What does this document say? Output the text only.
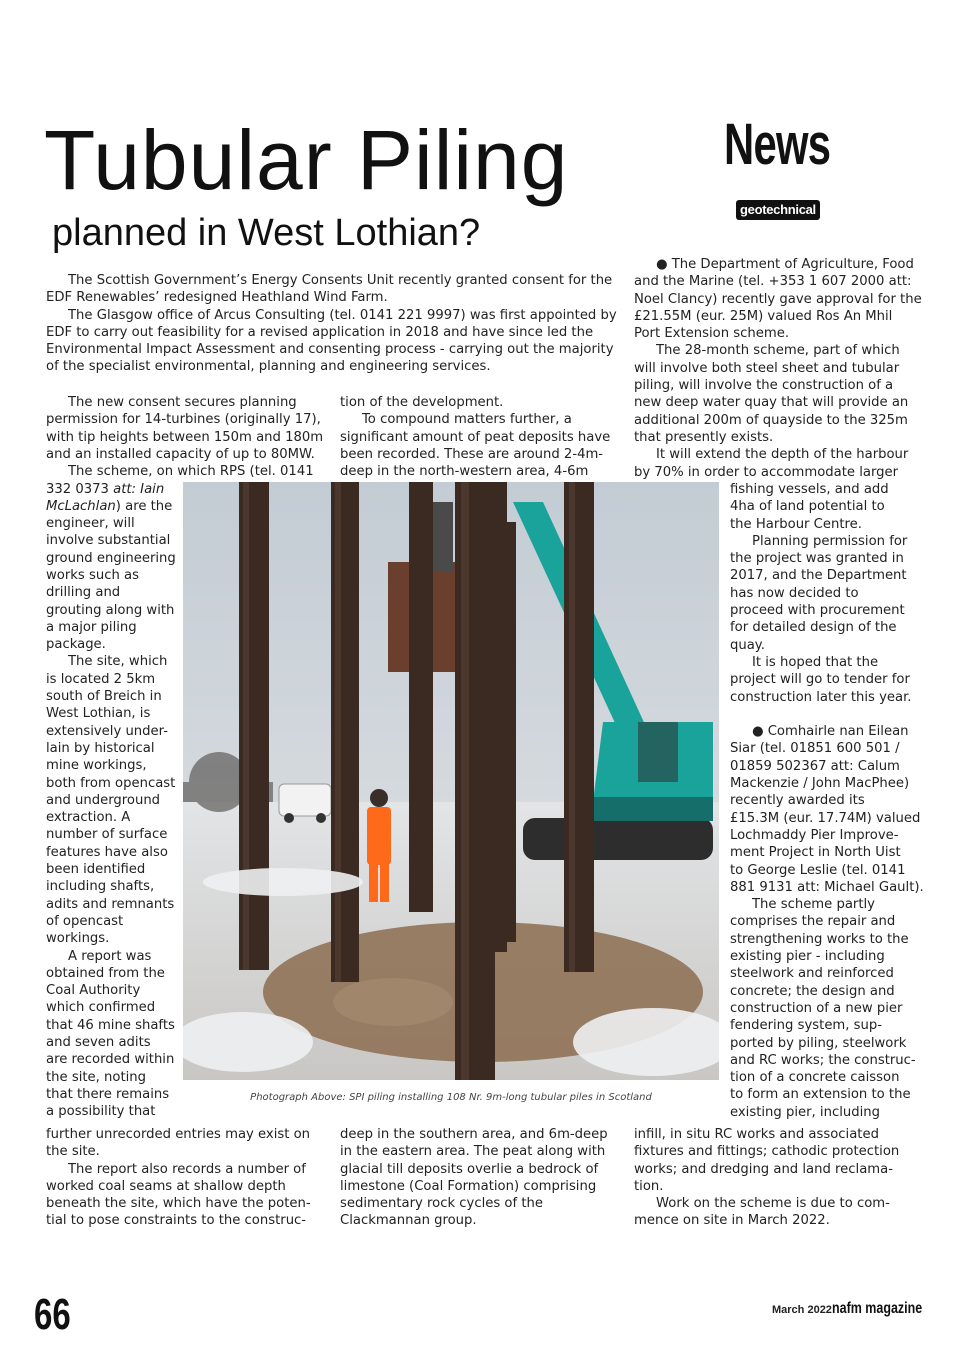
Tubular Piling
planned in West Lothian?
News
geotechnical
The Scottish Government’s Energy Consents Unit recently granted consent for the
EDF Renewables’ redesigned Heathland Wind Farm.
The Glasgow office of Arcus Consulting (tel. 0141 221 9997) was first appointed by
EDF to carry out feasibility for a revised application in 2018 and have since led the
Environmental Impact Assessment and consenting process - carrying out the majority
of the specialist environmental, planning and engineering services.
The new consent secures planning
permission for 14-turbines (originally 17),
with tip heights between 150m and 180m
and an installed capacity of up to 80MW.
The scheme, on which RPS (tel. 0141
332 0373 att: Iain
McLachlan) are the
engineer, will
involve substantial
ground engineering
works such as
drilling and
grouting along with
a major piling
package.
The site, which
is located 2 5km
south of Breich in
West Lothian, is
extensively under-
lain by historical
mine workings,
both from opencast
and underground
extraction. A
number of surface
features have also
been identified
including shafts,
adits and remnants
of opencast
workings.
A report was
obtained from the
Coal Authority
which confirmed
that 46 mine shafts
and seven adits
are recorded within
the site, noting
that there remains
a possibility that
further unrecorded entries may exist on
the site.
The report also records a number of
worked coal seams at shallow depth
beneath the site, which have the poten-
tial to pose constraints to the construc-
tion of the development.
To compound matters further, a
significant amount of peat deposits have
been recorded. These are around 2-4m-
deep in the north-western area, 4-6m
deep in the southern area, and 6m-deep
in the eastern area. The peat along with
glacial till deposits overlie a bedrock of
limestone (Coal Formation) comprising
sedimentary rock cycles of the
Clackmannan group.
● The Department of Agriculture, Food
and the Marine (tel. +353 1 607 2000 att:
Noel Clancy) recently gave approval for the
£21.55M (eur. 25M) valued Ros An Mhil
Port Extension scheme.
The 28-month scheme, part of which
will involve both steel sheet and tubular
piling, will involve the construction of a
new deep water quay that will provide an
additional 200m of quayside to the 325m
that presently exists.
It will extend the depth of the harbour
by 70% in order to accommodate larger
fishing vessels, and add
4ha of land potential to
the Harbour Centre.
Planning permission for
the project was granted in
2017, and the Department
has now decided to
proceed with procurement
for detailed design of the
quay.
It is hoped that the
project will go to tender for
construction later this year.

● Comhairle nan Eilean
Siar (tel. 01851 600 501 /
01859 502367 att: Calum
Mackenzie / John MacPhee)
recently awarded its
£15.3M (eur. 17.74M) valued
Lochmaddy Pier Improve-
ment Project in North Uist
to George Leslie (tel. 0141
881 9131 att: Michael Gault).
The scheme partly
comprises the repair and
strengthening works to the
existing pier - including
steelwork and reinforced
concrete; the design and
construction of a new pier
fendering system, sup-
ported by piling, steelwork
and RC works; the construc-
tion of a concrete caisson
to form an extension to the
existing pier, including
infill, in situ RC works and associated
fixtures and fittings; cathodic protection
works; and dredging and land reclama-
tion.
Work on the scheme is due to com-
mence on site in March 2022.
Photograph Above: SPI piling installing 108 Nr. 9m-long tubular piles in Scotland
66	March 2022 nafm magazine
